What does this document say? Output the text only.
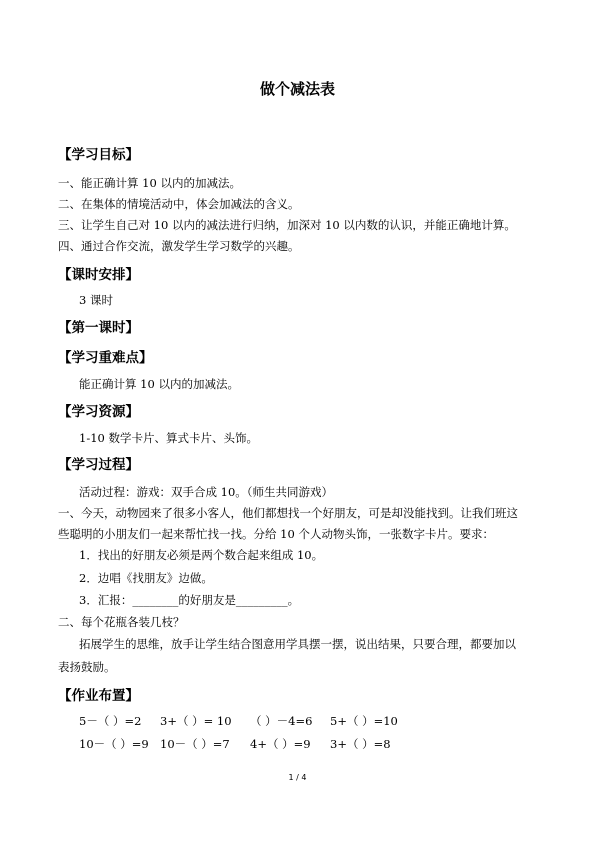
做个减法表
【学习目标】
一、能正确计算 10 以内的加减法。
二、在集体的情境活动中，体会加减法的含义。
三、让学生自己对 10 以内的减法进行归纳，加深对 10 以内数的认识，并能正确地计算。
四、通过合作交流，激发学生学习数学的兴趣。
【课时安排】
3 课时
【第一课时】
【学习重难点】
能正确计算 10 以内的加减法。
【学习资源】
1-10 数学卡片、算式卡片、头饰。
【学习过程】
活动过程：游戏：双手合成 10。（师生共同游戏）
一、今天，动物园来了很多小客人，他们都想找一个好朋友，可是却没能找到。让我们班这
些聪明的小朋友们一起来帮忙找一找。分给 10 个人动物头饰，一张数字卡片。要求：
1．找出的好朋友必须是两个数合起来组成 10。
2．边唱《找朋友》边做。
3．汇报：________的好朋友是_________。
二、每个花瓶各装几枝？
拓展学生的思维，放手让学生结合图意用学具摆一摆，说出结果，只要合理，都要加以
表扬鼓励。
【作业布置】
5－（ ）=2 3+（ ）= 10 （ ）－4=6 5+（ ）=10
10－（ ）=9 10－（ ）=7 4+（ ）=9 3+（ ）=8
1 / 4
